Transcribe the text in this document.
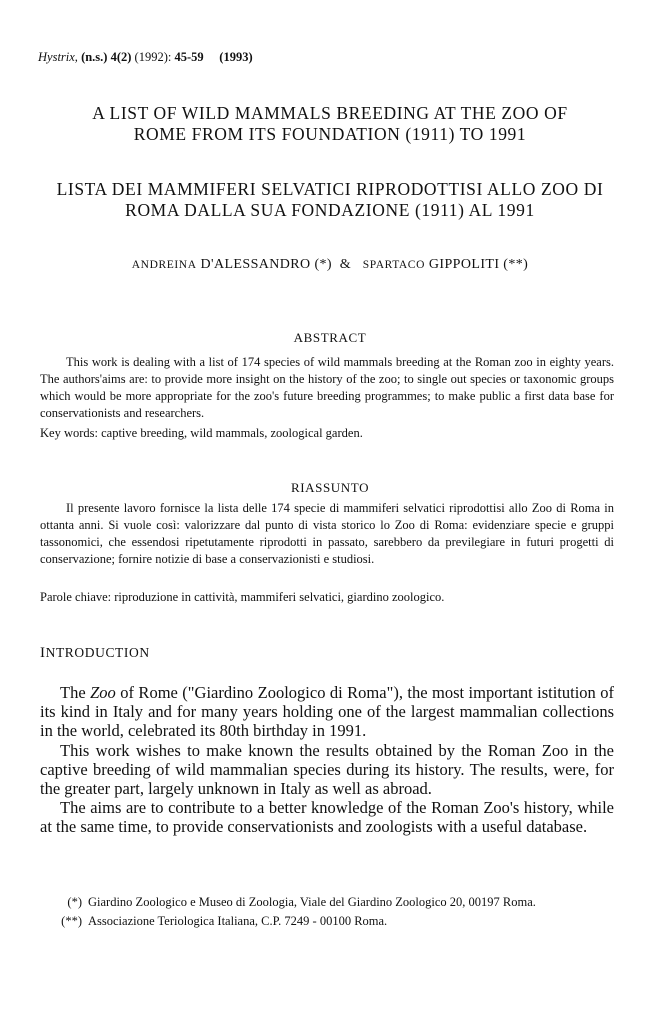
Hystrix, (n.s.) 4(2) (1992): 45-59 (1993)
A LIST OF WILD MAMMALS BREEDING AT THE ZOO OF
ROME FROM ITS FOUNDATION (1911) TO 1991
LISTA DEI MAMMIFERI SELVATICI RIPRODOTTISI ALLO ZOO DI
ROMA DALLA SUA FONDAZIONE (1911) AL 1991
ANDREINA D'ALESSANDRO (*) & SPARTACO GIPPOLITI (**)
ABSTRACT

This work is dealing with a list of 174 species of wild mammals breeding at the Roman zoo in eighty years. The authors'aims are: to provide more insight on the history of the zoo; to single out species or taxonomic groups which would be more appropriate for the zoo's future breeding programmes; to make public a first data base for conservationists and researchers.

Key words: captive breeding, wild mammals, zoological garden.

RIASSUNTO

Il presente lavoro fornisce la lista delle 174 specie di mammiferi selvatici riprodottisi allo Zoo di Roma in ottanta anni. Si vuole così: valorizzare dal punto di vista storico lo Zoo di Roma: evidenziare specie e gruppi tassonomici, che essendosi ripetutamente riprodotti in passato, sarebbero da previlegiare in futuri progetti di conservazione; fornire notizie di base a conservazionisti e studiosi.

Parole chiave: riproduzione in cattività, mammiferi selvatici, giardino zoologico.

INTRODUCTION

The Zoo of Rome ("Giardino Zoologico di Roma"), the most important istitution of its kind in Italy and for many years holding one of the largest mammalian collections in the world, celebrated its 80th birthday in 1991.

This work wishes to make known the results obtained by the Roman Zoo in the captive breeding of wild mammalian species during its history. The results, were, for the greater part, largely unknown in Italy as well as abroad.

The aims are to contribute to a better knowledge of the Roman Zoo's history, while at the same time, to provide conservationists and zoologists with a useful database.

(*) Giardino Zoologico e Museo di Zoologia, Viale del Giardino Zoologico 20, 00197 Roma.
(**) Associazione Teriologica Italiana, C.P. 7249 - 00100 Roma.
